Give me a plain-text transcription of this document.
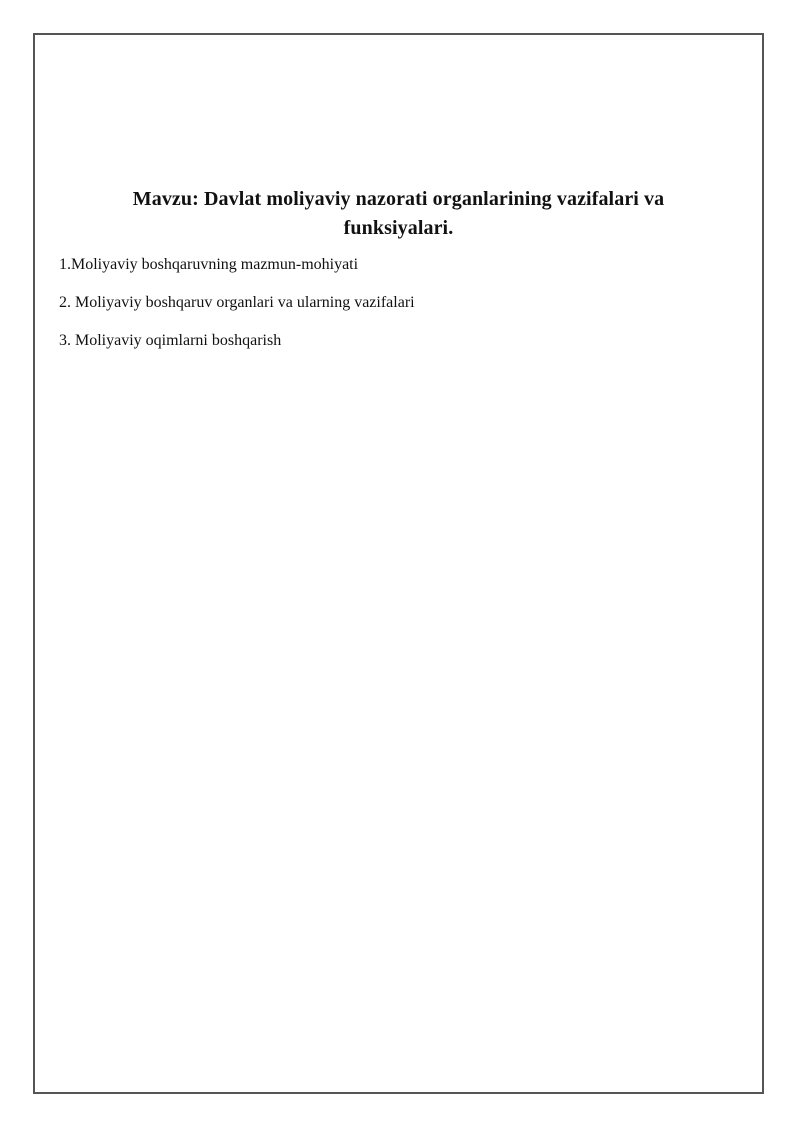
Mavzu: Davlat moliyaviy nazorati organlarining vazifalari va
funksiyalari.
1.Moliyaviy boshqaruvning mazmun-mohiyati
2. Moliyaviy boshqaruv organlari va ularning vazifalari
3. Moliyaviy oqimlarni boshqarish
